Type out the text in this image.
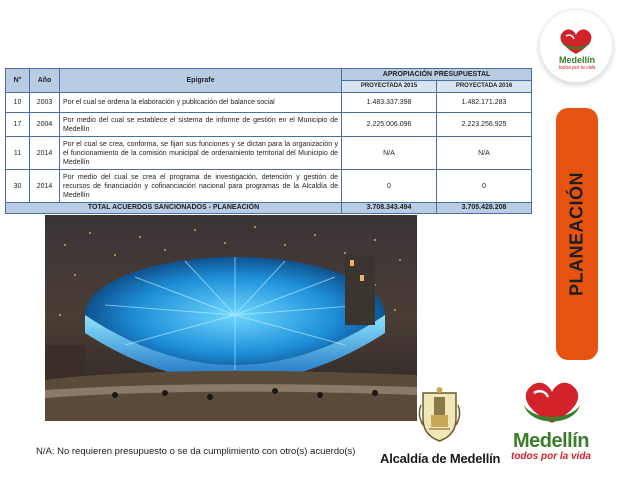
N°	Año	Epígrafe	APROPIACIÓN PRESUPUESTAL	
			PROYECTADA 2015	PROYECTADA 2016
10	2003	Por el cual se ordena la elaboración y publicación del balance social	1.483.337.398	1.482.171.283
17	2004	Por medio del cual se establece el sistema de informe de gestión en el Municipio de Medellín	2.225.006.096	2.223.256.925
11	2014	Por el cual se crea, conforma, se fijan sus funciones y se dictan para la organización y el funcionamiento de la comisión municipal de ordenamiento territorial del Municipio de Medellín	N/A	N/A
30	2014	Por medio del cual se crea el programa de investigación, detención y gestión de recursos de financiación y cofinanciación nacional para programas de la Alcaldía de Medellín	0	0
TOTAL ACUERDOS SANCIONADOS - PLANEACIÓN			3.708.343.494	3.705.428.208
Medellín
todos por la vida
PLANEACIÓN
N/A: No requieren presupuesto o se da cumplimiento con otro(s) acuerdo(s) Alcaldía de Medellín
Medellín
todos por la vida
